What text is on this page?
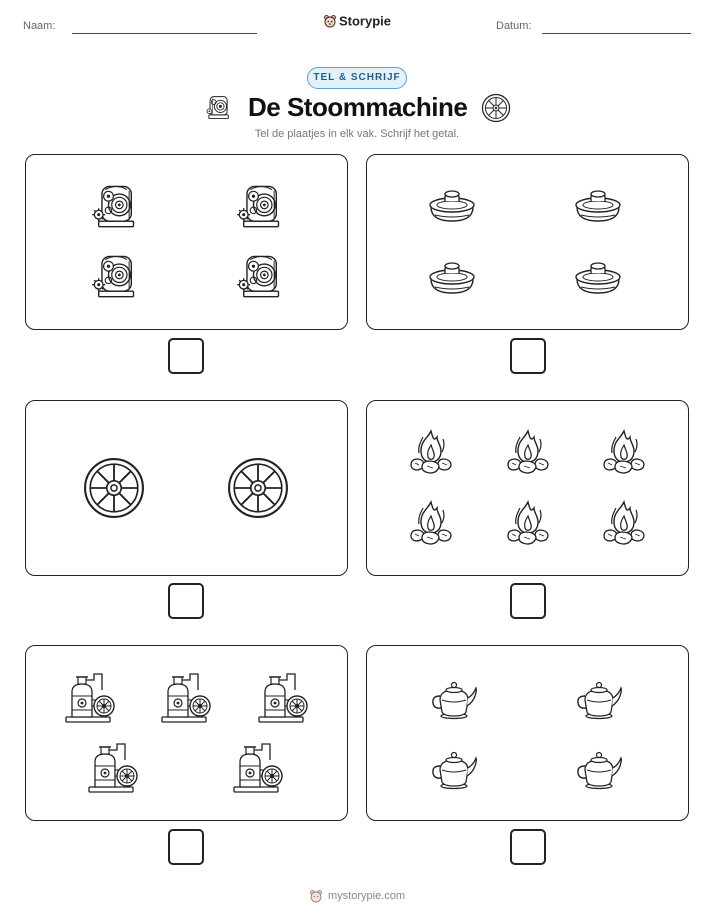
Naam:	Storypie	Datum:
TEL & SCHRIJF
De Stoommachine
Tel de plaatjes in elk vak. Schrijf het getal.
mystorypie.com
